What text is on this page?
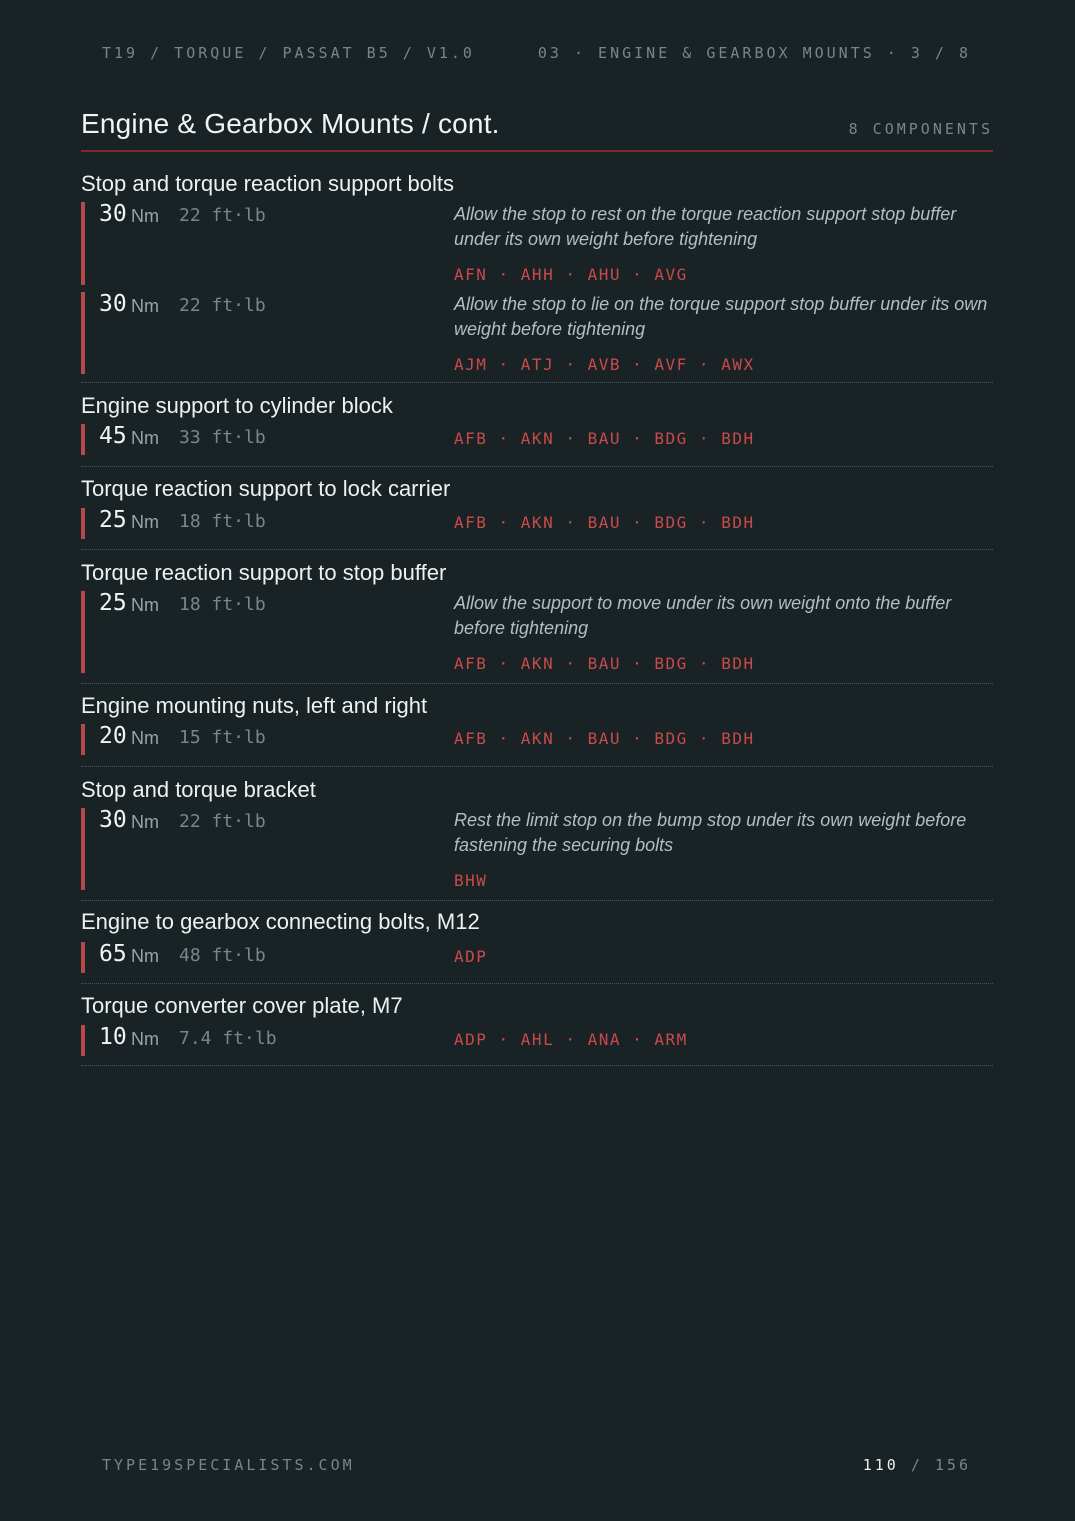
T19 / TORQUE / PASSAT B5 / V1.0	03 · ENGINE & GEARBOX MOUNTS · 3 / 8
Engine & Gearbox Mounts / cont.	8 COMPONENTS
Stop and torque reaction support bolts
30 Nm 22 ft·lb	Allow the stop to rest on the torque reaction support stop buffer under its own weight before tightening
AFN · AHH · AHU · AVG
30 Nm 22 ft·lb	Allow the stop to lie on the torque support stop buffer under its own weight before tightening
AJM · ATJ · AVB · AVF · AWX
Engine support to cylinder block
45 Nm 33 ft·lb	AFB · AKN · BAU · BDG · BDH
Torque reaction support to lock carrier
25 Nm 18 ft·lb	AFB · AKN · BAU · BDG · BDH
Torque reaction support to stop buffer
25 Nm 18 ft·lb	Allow the support to move under its own weight onto the buffer before tightening
AFB · AKN · BAU · BDG · BDH
Engine mounting nuts, left and right
20 Nm 15 ft·lb	AFB · AKN · BAU · BDG · BDH
Stop and torque bracket
30 Nm 22 ft·lb	Rest the limit stop on the bump stop under its own weight before fastening the securing bolts
BHW
Engine to gearbox connecting bolts, M12
65 Nm 48 ft·lb	ADP
Torque converter cover plate, M7
10 Nm 7.4 ft·lb	ADP · AHL · ANA · ARM
TYPE19SPECIALISTS.COM	110 / 156
